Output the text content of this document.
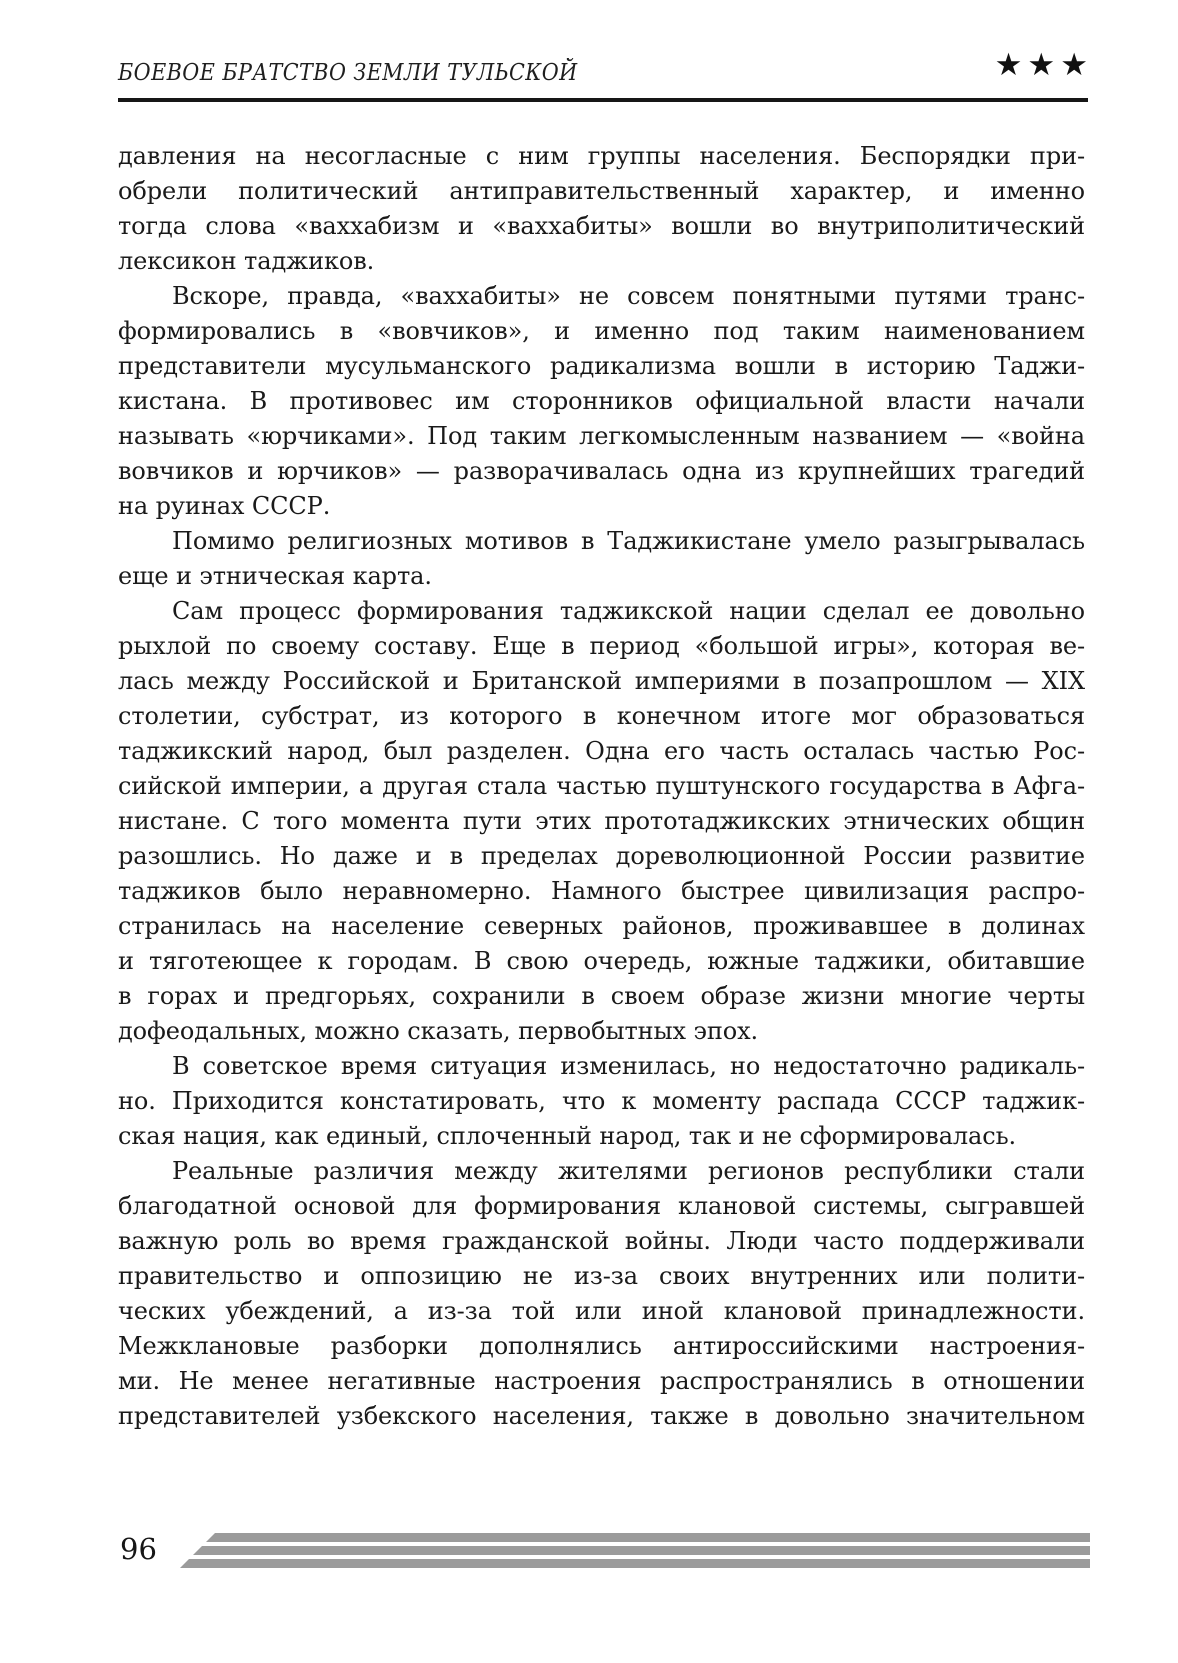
БОЕВОЕ БРАТСТВО ЗЕМЛИ ТУЛЬСКОЙ	★★★
давления на несогласные с ним группы населения. Беспорядки при-
обрели политический антиправительственный характер, и именно
тогда слова «ваххабизм и «ваххабиты» вошли во внутриполитический
лексикон таджиков.
Вскоре, правда, «ваххабиты» не совсем понятными путями транс-
формировались в «вовчиков», и именно под таким наименованием
представители мусульманского радикализма вошли в историю Таджи-
кистана. В противовес им сторонников официальной власти начали
называть «юрчиками». Под таким легкомысленным названием — «война
вовчиков и юрчиков» — разворачивалась одна из крупнейших трагедий
на руинах СССР.
Помимо религиозных мотивов в Таджикистане умело разыгрывалась
еще и этническая карта.
Сам процесс формирования таджикской нации сделал ее довольно
рыхлой по своему составу. Еще в период «большой игры», которая ве-
лась между Российской и Британской империями в позапрошлом — XIX
столетии, субстрат, из которого в конечном итоге мог образоваться
таджикский народ, был разделен. Одна его часть осталась частью Рос-
сийской империи, а другая стала частью пуштунского государства в Афга-
нистане. С того момента пути этих прототаджикских этнических общин
разошлись. Но даже и в пределах дореволюционной России развитие
таджиков было неравномерно. Намного быстрее цивилизация распро-
странилась на население северных районов, проживавшее в долинах
и тяготеющее к городам. В свою очередь, южные таджики, обитавшие
в горах и предгорьях, сохранили в своем образе жизни многие черты
дофеодальных, можно сказать, первобытных эпох.
В советское время ситуация изменилась, но недостаточно радикаль-
но. Приходится констатировать, что к моменту распада СССР таджик-
ская нация, как единый, сплоченный народ, так и не сформировалась.
Реальные различия между жителями регионов республики стали
благодатной основой для формирования клановой системы, сыгравшей
важную роль во время гражданской войны. Люди часто поддерживали
правительство и оппозицию не из-за своих внутренних или полити-
ческих убеждений, а из-за той или иной клановой принадлежности.
Межклановые разборки дополнялись антироссийскими настроения-
ми. Не менее негативные настроения распространялись в отношении
представителей узбекского населения, также в довольно значительном
96
